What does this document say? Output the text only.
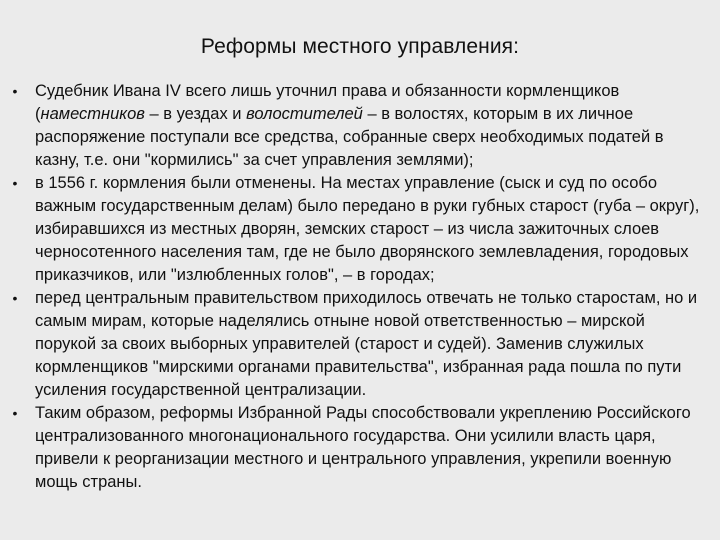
Реформы местного управления:
• Судебник Ивана IV всего лишь уточнил права и обязанности кормленщиков (наместников – в уездах и волостителей – в волостях, которым в их личное распоряжение поступали все средства, собранные сверх необходимых податей в казну, т.е. они "кормились" за счет управления землями);
• в 1556 г. кормления были отменены. На местах управление (сыск и суд по особо важным государственным делам) было передано в руки губных старост (губа – округ), избиравшихся из местных дворян, земских старост – из числа зажиточных слоев черносотенного населения там, где не было дворянского землевладения, городовых приказчиков, или "излюбленных голов", – в городах;
• перед центральным правительством приходилось отвечать не только старостам, но и самым мирам, которые наделялись отныне новой ответственностью – мирской порукой за своих выборных управителей (старост и судей). Заменив служилых кормленщиков "мирскими органами правительства", избранная рада пошла по пути усиления государственной централизации.
• Таким образом, реформы Избранной Рады способствовали укреплению Российского централизованного многонационального государства. Они усилили власть царя, привели к реорганизации местного и центрального управления, укрепили военную мощь страны.
